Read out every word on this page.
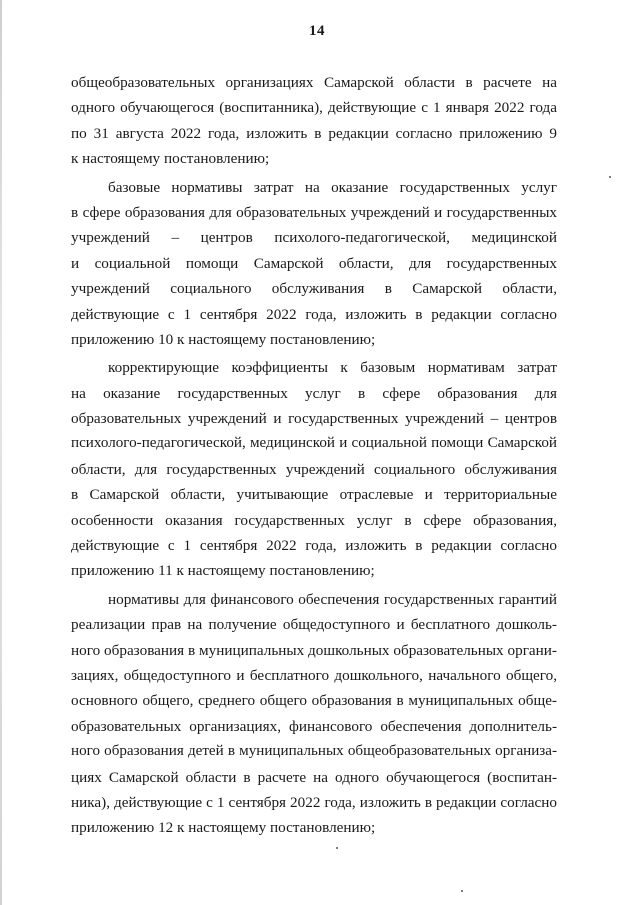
14
общеобразовательных организациях Самарской области в расчете на
одного обучающегося (воспитанника), действующие с 1 января 2022 года
по 31 августа 2022 года, изложить в редакции согласно приложению 9
к настоящему постановлению;
базовые нормативы затрат на оказание государственных услуг
в сфере образования для образовательных учреждений и государственных
учреждений – центров психолого-педагогической, медицинской
и социальной помощи Самарской области, для государственных
учреждений социального обслуживания в Самарской области,
действующие с 1 сентября 2022 года, изложить в редакции согласно
приложению 10 к настоящему постановлению;
корректирующие коэффициенты к базовым нормативам затрат
на оказание государственных услуг в сфере образования для
образовательных учреждений и государственных учреждений – центров
психолого-педагогической, медицинской и социальной помощи Самарской
области, для государственных учреждений социального обслуживания
в Самарской области, учитывающие отраслевые и территориальные
особенности оказания государственных услуг в сфере образования,
действующие с 1 сентября 2022 года, изложить в редакции согласно
приложению 11 к настоящему постановлению;
нормативы для финансового обеспечения государственных гарантий
реализации прав на получение общедоступного и бесплатного дошколь-
ного образования в муниципальных дошкольных образовательных органи-
зациях, общедоступного и бесплатного дошкольного, начального общего,
основного общего, среднего общего образования в муниципальных обще-
образовательных организациях, финансового обеспечения дополнитель-
ного образования детей в муниципальных общеобразовательных организа-
циях Самарской области в расчете на одного обучающегося (воспитан-
ника), действующие с 1 сентября 2022 года, изложить в редакции согласно
приложению 12 к настоящему постановлению;
